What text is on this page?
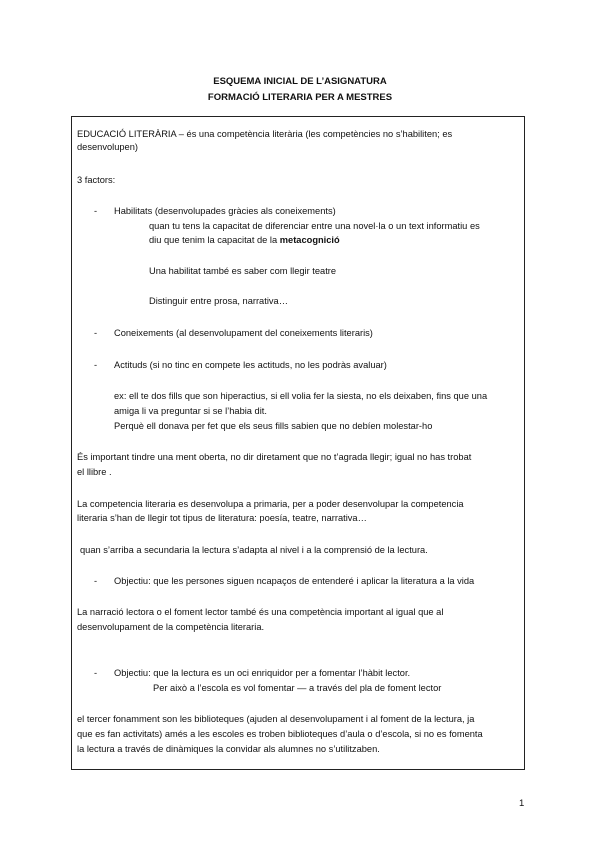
ESQUEMA INICIAL DE L’ASIGNATURA
FORMACIÓ LITERARIA PER A MESTRES
EDUCACIÓ LITERÀRIA – és una competència literària (les competències no s’habiliten; es
desenvolupen)
3 factors:
- Habilitats (desenvolupades gràcies als coneixements)
quan tu tens la capacitat de diferenciar entre una novel·la o un text informatiu es
diu que tenim la capacitat de la metacognició
Una habilitat també es saber com llegir teatre
Distinguir entre prosa, narrativa…
- Coneixements (al desenvolupament del coneixements literaris)
- Actituds (si no tinc en compete les actituds, no les podràs avaluar)
ex: ell te dos fills que son hiperactius, si ell volia fer la siesta, no els deixaben, fins que una
amiga li va preguntar si se l’habia dit.
Perquè ell donava per fet que els seus fills sabien que no debíen molestar-ho
És important tindre una ment oberta, no dir diretament que no t’agrada llegir; igual no has trobat
el llibre .
La competencia literaria es desenvolupa a primaria, per a poder desenvolupar la competencia
literaria s’han de llegir tot tipus de literatura: poesía, teatre, narrativa…
quan s’arriba a secundaria la lectura s’adapta al nivel i a la comprensió de la lectura.
- Objectiu: que les persones siguen ncapaços de entenderé i aplicar la literatura a la vida
La narració lectora o el foment lector també és una competència important al igual que al
desenvolupament de la competència literaria.
- Objectiu: que la lectura es un oci enriquidor per a fomentar l’hàbit lector.
Per això a l’escola es vol fomentar — a través del pla de foment lector
el tercer fonamment son les biblioteques (ajuden al desenvolupament i al foment de la lectura, ja
que es fan activitats) amés a les escoles es troben biblioteques d’aula o d’escola, si no es fomenta
la lectura a través de dinàmiques la convidar als alumnes no s’utilitzaben.
1
